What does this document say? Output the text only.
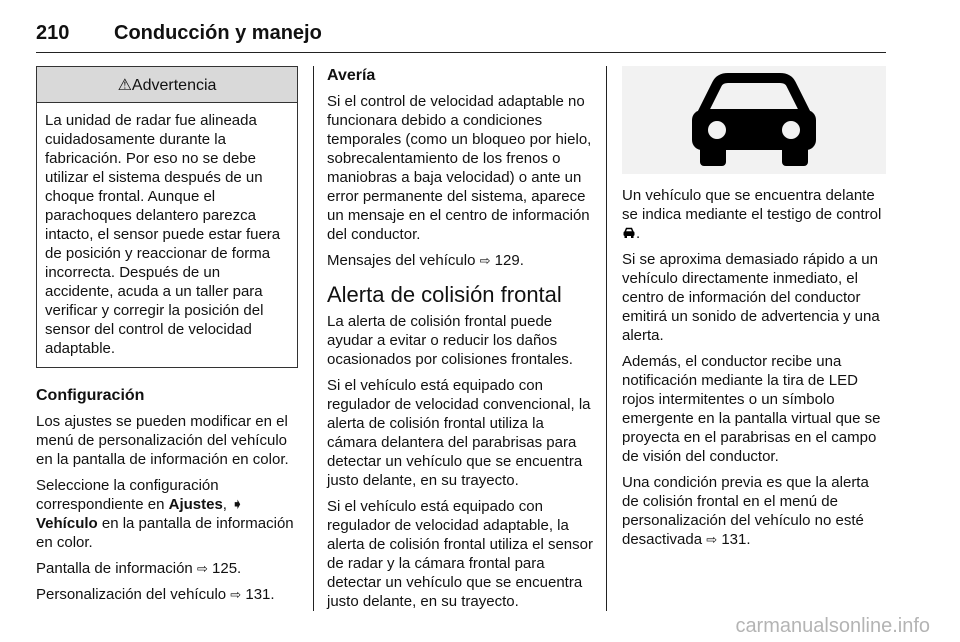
210 Conducción y manejo
⚠Advertencia
La unidad de radar fue alineada cuidadosamente durante la fabricación. Por eso no se debe utilizar el sistema después de un choque frontal. Aunque el parachoques delantero parezca intacto, el sensor puede estar fuera de posición y reaccionar de forma incorrecta. Después de un accidente, acuda a un taller para verificar y corregir la posición del sensor del control de velocidad adaptable.
Configuración

Los ajustes se pueden modificar en el menú de personalización del vehículo en la pantalla de información en color.

Seleccione la configuración correspondiente en Ajustes, ➧ Vehículo en la pantalla de información en color.

Pantalla de información ⇨ 125.

Personalización del vehículo ⇨ 131.

Avería

Si el control de velocidad adaptable no funcionara debido a condiciones temporales (como un bloqueo por hielo, sobrecalentamiento de los frenos o maniobras a baja velocidad) o ante un error permanente del sistema, aparece un mensaje en el centro de información del conductor.

Mensajes del vehículo ⇨ 129.

Alerta de colisión frontal

La alerta de colisión frontal puede ayudar a evitar o reducir los daños ocasionados por colisiones frontales.

Si el vehículo está equipado con regulador de velocidad convencional, la alerta de colisión frontal utiliza la cámara delantera del parabrisas para detectar un vehículo que se encuentra justo delante, en su trayecto.

Si el vehículo está equipado con regulador de velocidad adaptable, la alerta de colisión frontal utiliza el sensor de radar y la cámara frontal para detectar un vehículo que se encuentra justo delante, en su trayecto.

Un vehículo que se encuentra delante se indica mediante el testigo de control .

Si se aproxima demasiado rápido a un vehículo directamente inmediato, el centro de información del conductor emitirá un sonido de advertencia y una alerta.

Además, el conductor recibe una notificación mediante la tira de LED rojos intermitentes o un símbolo emergente en la pantalla virtual que se proyecta en el parabrisas en el campo de visión del conductor.

Una condición previa es que la alerta de colisión frontal en el menú de personalización del vehículo no esté desactivada ⇨ 131.

carmanualsonline.info
